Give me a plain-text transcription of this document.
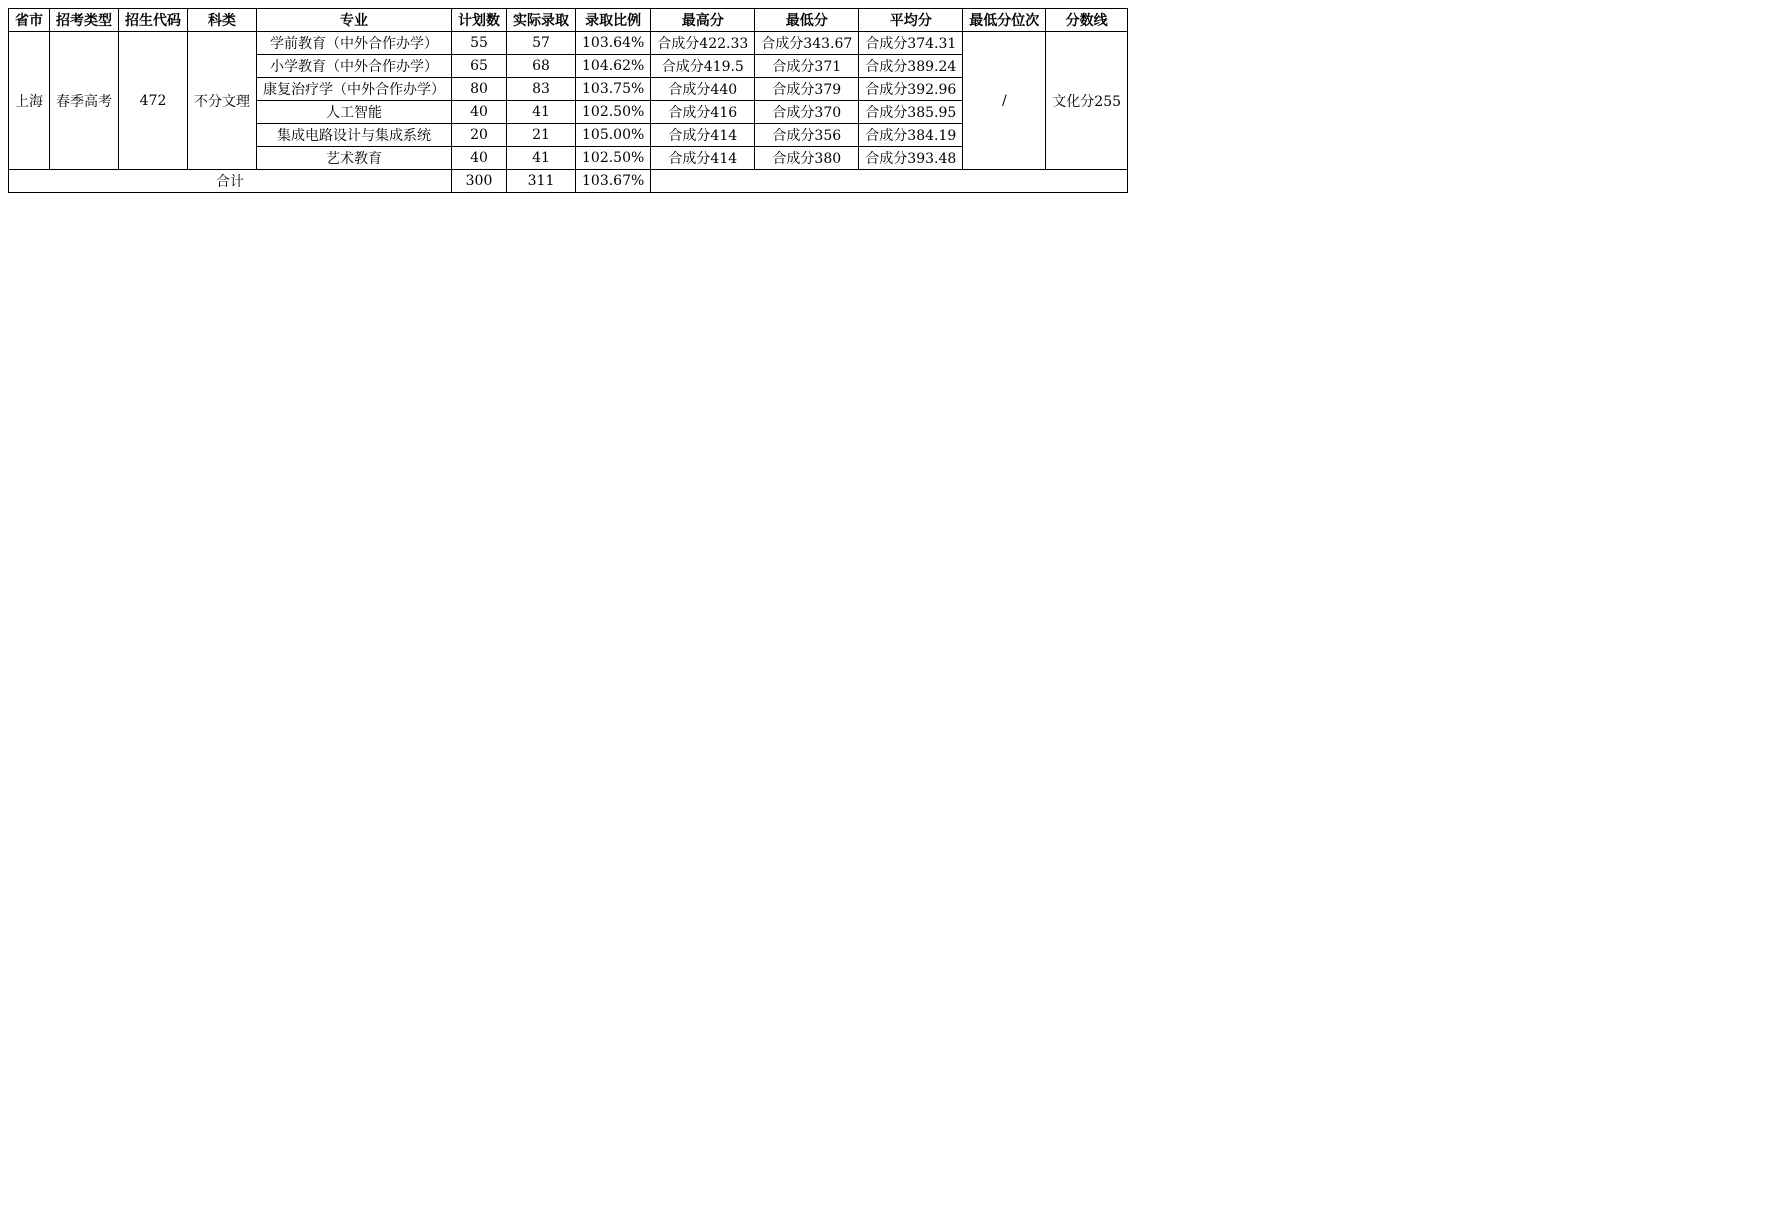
省市	招考类型	招生代码	科类	专业	计划数	实际录取	录取比例	最高分	最低分	平均分	最低分位次	分数线
上海	春季高考	472	不分文理	学前教育（中外合作办学）	55	57	103.64%	合成分422.33	合成分343.67	合成分374.31	/	文化分255
				小学教育（中外合作办学）	65	68	104.62%	合成分419.5	合成分371	合成分389.24		
				康复治疗学（中外合作办学）	80	83	103.75%	合成分440	合成分379	合成分392.96		
				人工智能	40	41	102.50%	合成分416	合成分370	合成分385.95		
				集成电路设计与集成系统	20	21	105.00%	合成分414	合成分356	合成分384.19		
				艺术教育	40	41	102.50%	合成分414	合成分380	合成分393.48		
合计					300	311	103.67%					
